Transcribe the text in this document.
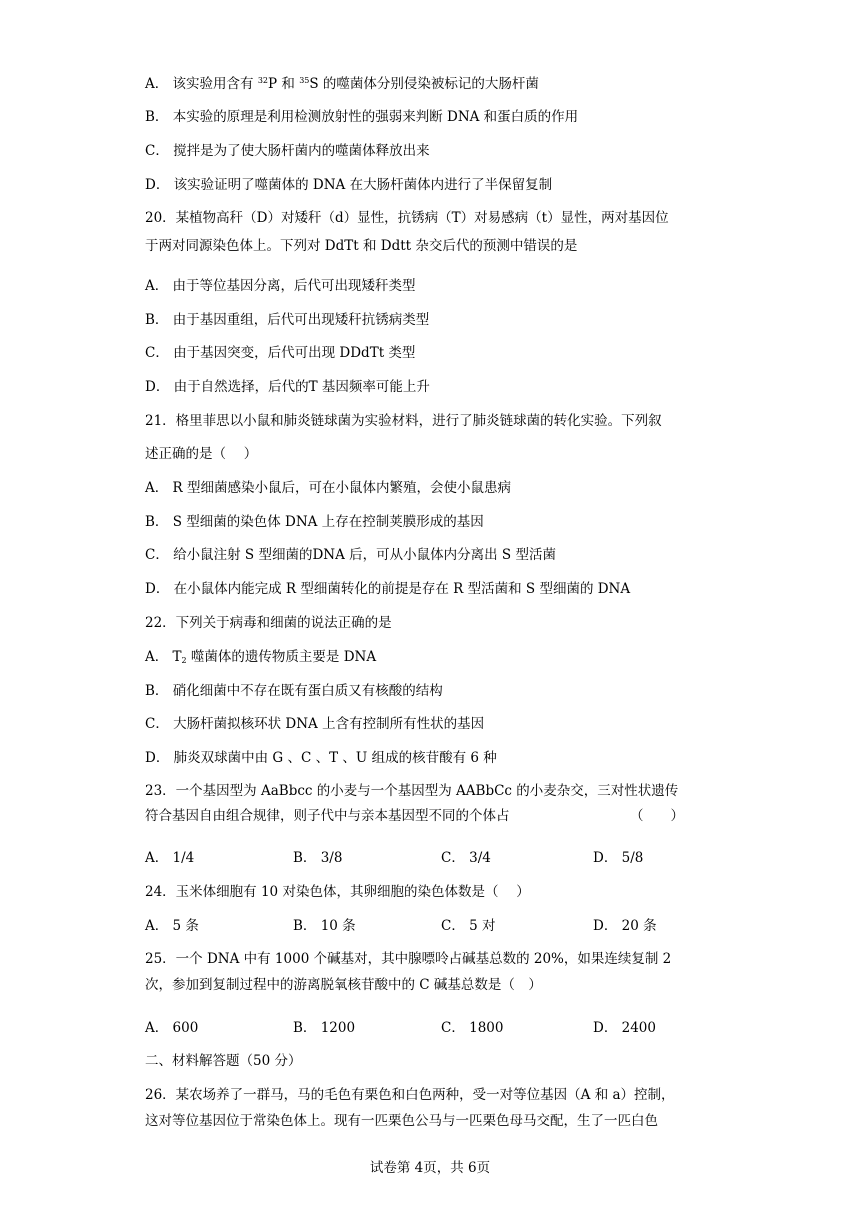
A． 该实验用含有 $^{32}$P 和 $^{35}$S 的噬菌体分别侵染被标记的大肠杆菌
B． 本实验的原理是利用检测放射性的强弱来判断 DNA 和蛋白质的作用
C． 搅拌是为了使大肠杆菌内的噬菌体释放出来
D． 该实验证明了噬菌体的 DNA 在大肠杆菌体内进行了半保留复制
20．某植物高秆（D）对矮秆（d）显性，抗锈病（T）对易感病（t）显性，两对基因位
于两对同源染色体上。下列对 DdTt 和 Ddtt 杂交后代的预测中错误的是
A． 由于等位基因分离，后代可出现矮秆类型
B． 由于基因重组，后代可出现矮秆抗锈病类型
C． 由于基因突变，后代可出现 DDdTt 类型
D． 由于自然选择，后代的T 基因频率可能上升
21．格里菲思以小鼠和肺炎链球菌为实验材料，进行了肺炎链球菌的转化实验。下列叙
述正确的是（　 ）
A． R 型细菌感染小鼠后，可在小鼠体内繁殖，会使小鼠患病
B． S 型细菌的染色体 DNA 上存在控制荚膜形成的基因
C． 给小鼠注射 S 型细菌的DNA 后，可从小鼠体内分离出 S 型活菌
D． 在小鼠体内能完成 R 型细菌转化的前提是存在 R 型活菌和 S 型细菌的 DNA
22．下列关于病毒和细菌的说法正确的是
A． $T_2$ 噬菌体的遗传物质主要是 DNA
B． 硝化细菌中不存在既有蛋白质又有核酸的结构
C． 大肠杆菌拟核环状 DNA 上含有控制所有性状的基因
D． 肺炎双球菌中由 G 、C 、T 、U 组成的核苷酸有 6 种
23．一个基因型为 AaBbcc 的小麦与一个基因型为 AABbCc 的小麦杂交，三对性状遗传
符合基因自由组合规律，则子代中与亲本基因型不同的个体占	（　　）
A． 1/4	B． 3/8	C． 3/4	D． 5/8
24．玉米体细胞有 10 对染色体，其卵细胞的染色体数是（　 ）
A． 5 条	B． 10 条	C． 5 对	D． 20 条
25．一个 DNA 中有 1000 个碱基对，其中腺嘌呤占碱基总数的 20%，如果连续复制 2
次，参加到复制过程中的游离脱氧核苷酸中的 C 碱基总数是（　）
A． 600	B． 1200	C． 1800	D． 2400
二、材料解答题（50 分）
26．某农场养了一群马，马的毛色有栗色和白色两种，受一对等位基因（A 和 a）控制，
这对等位基因位于常染色体上。现有一匹栗色公马与一匹栗色母马交配，生了一匹白色
试卷第 4页，共 6页
